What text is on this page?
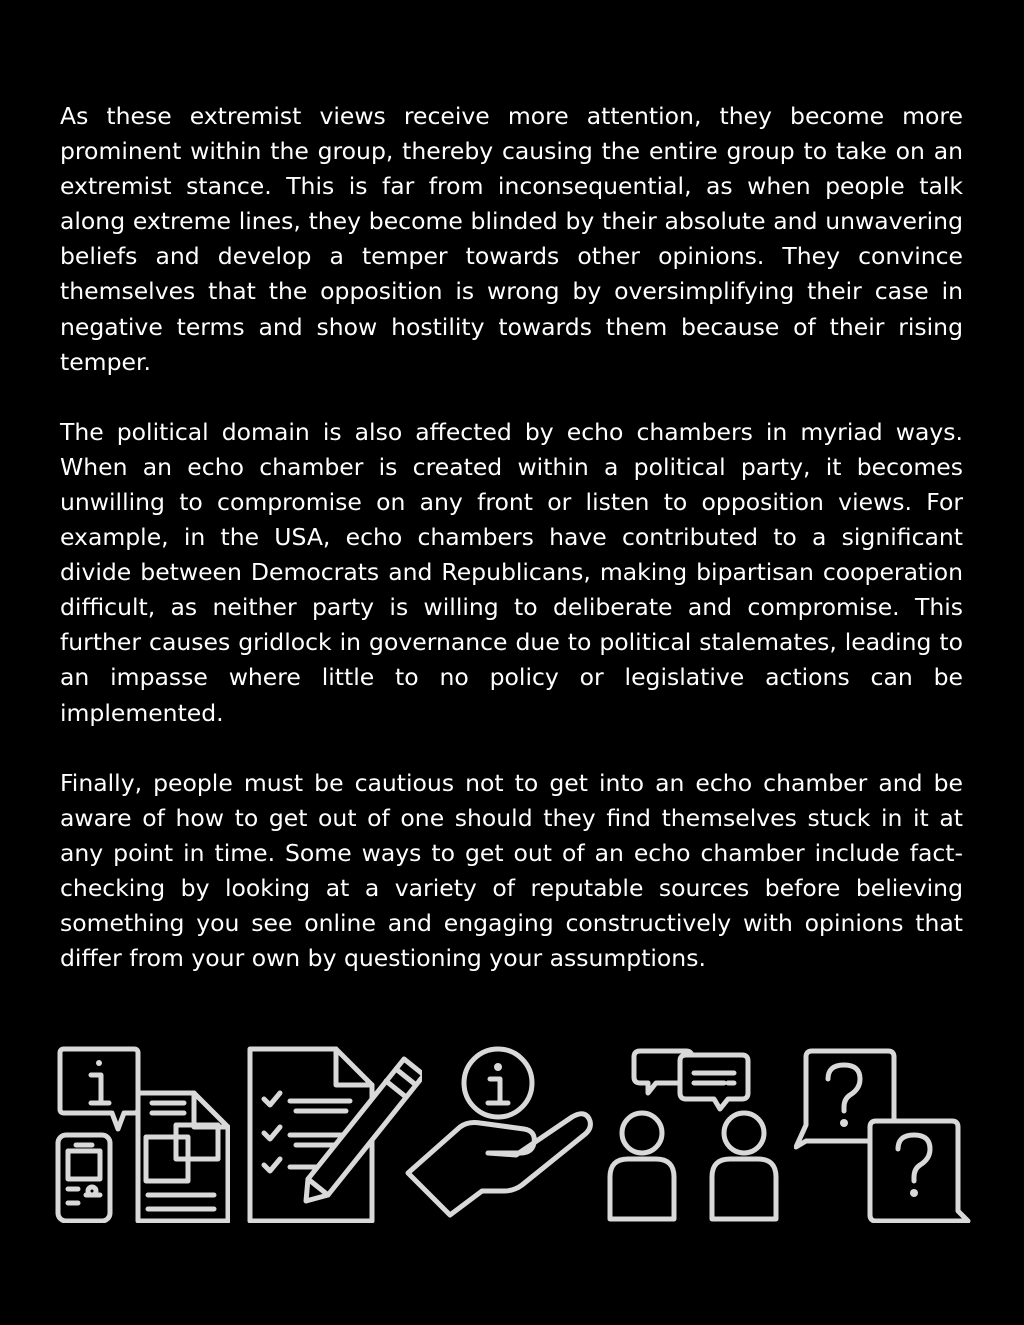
As these extremist views receive more attention, they become more prominent within the group, thereby causing the entire group to take on an extremist stance. This is far from inconsequential, as when people talk along extreme lines, they become blinded by their absolute and unwavering beliefs and develop a temper towards other opinions. They convince themselves that the opposition is wrong by oversimplifying their case in negative terms and show hostility towards them because of their rising temper.

The political domain is also affected by echo chambers in myriad ways. When an echo chamber is created within a political party, it becomes unwilling to compromise on any front or listen to opposition views. For example, in the USA, echo chambers have contributed to a significant divide between Democrats and Republicans, making bipartisan cooperation difficult, as neither party is willing to deliberate and compromise. This further causes gridlock in governance due to political stalemates, leading to an impasse where little to no policy or legislative actions can be implemented.

Finally, people must be cautious not to get into an echo chamber and be aware of how to get out of one should they find themselves stuck in it at any point in time. Some ways to get out of an echo chamber include fact-checking by looking at a variety of reputable sources before believing something you see online and engaging constructively with opinions that differ from your own by questioning your assumptions.
